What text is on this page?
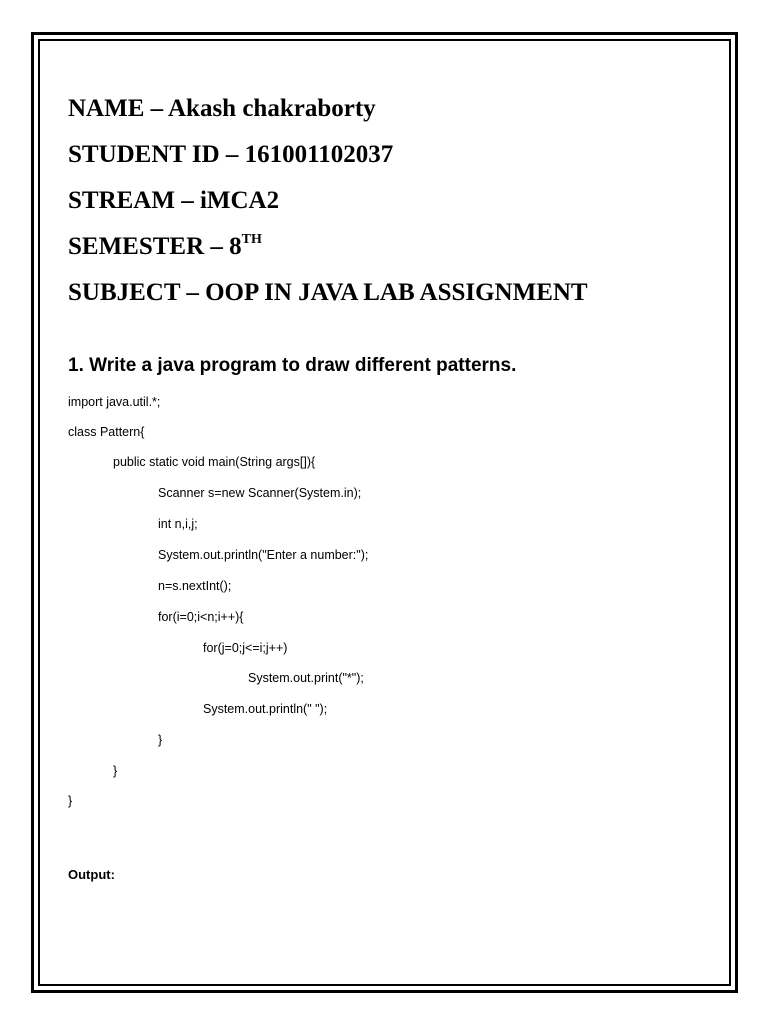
NAME – Akash chakraborty
STUDENT ID – 161001102037
STREAM – iMCA2
SEMESTER – 8TH
SUBJECT – OOP IN JAVA LAB ASSIGNMENT
1. Write a java program to draw different patterns.
import java.util.*;
class Pattern{
public static void main(String args[]){
Scanner s=new Scanner(System.in);
int n,i,j;
System.out.println("Enter a number:");
n=s.nextInt();
for(i=0;i<n;i++){
for(j=0;j<=i;j++)
System.out.print("*");
System.out.println(" ");
}
}
}
Output:
